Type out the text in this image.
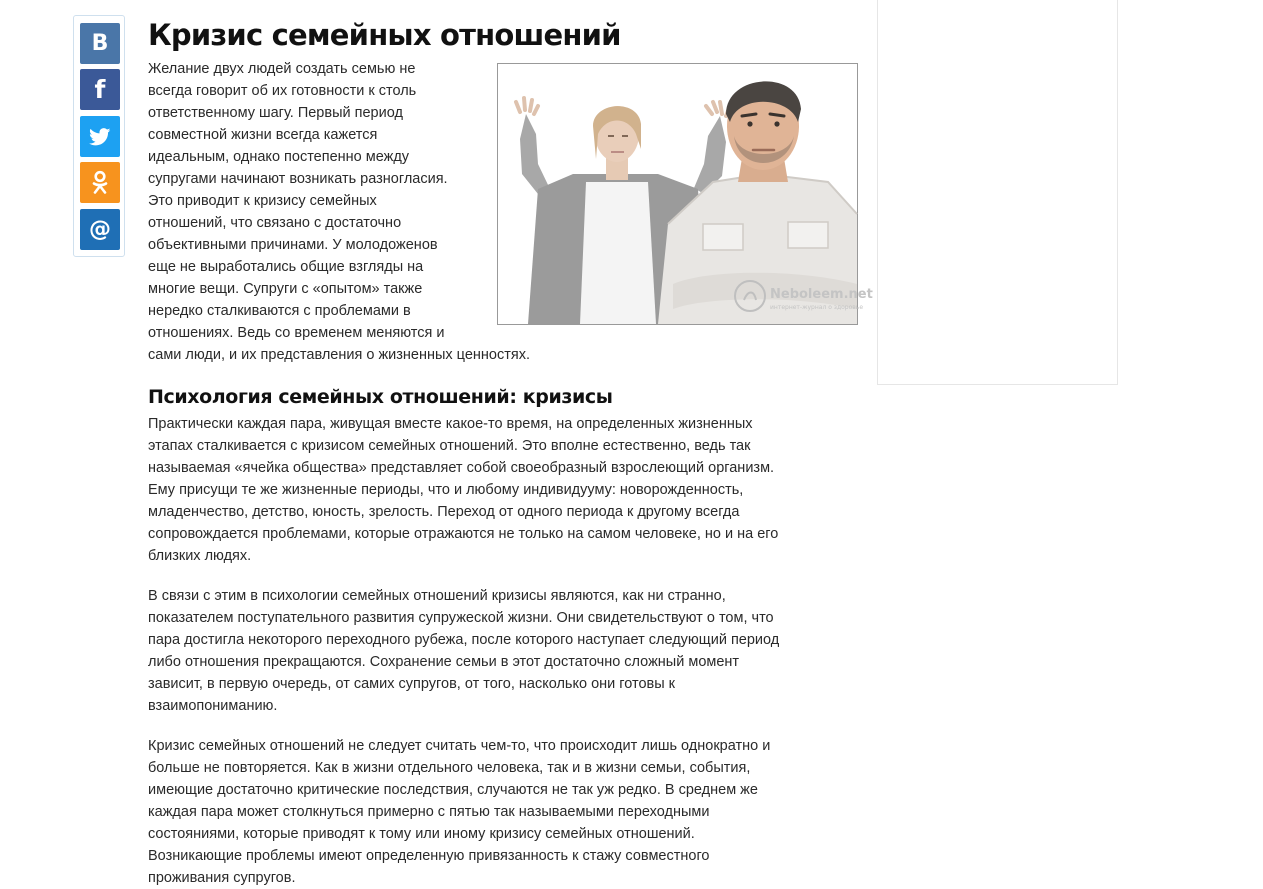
В
f
@
Кризис семейных отношений

Желание двух людей создать семью не
всегда говорит об их готовности к столь
ответственному шагу. Первый период
совместной жизни всегда кажется
идеальным, однако постепенно между
супругами начинают возникать разногласия.
Это приводит к кризису семейных
отношений, что связано с достаточно
объективными причинами. У молодоженов
еще не выработались общие взгляды на
многие вещи. Супруги с «опытом» также
нередко сталкиваются с проблемами в
отношениях. Ведь со временем меняются и
сами люди, и их представления о жизненных ценностях.

Neboleem.net
интернет-журнал о здоровье
Психология семейных отношений: кризисы

Практически каждая пара, живущая вместе какое-то время, на определенных жизненных
этапах сталкивается с кризисом семейных отношений. Это вполне естественно, ведь так
называемая «ячейка общества» представляет собой своеобразный взрослеющий организм.
Ему присущи те же жизненные периоды, что и любому индивидууму: новорожденность,
младенчество, детство, юность, зрелость. Переход от одного периода к другому всегда
сопровождается проблемами, которые отражаются не только на самом человеке, но и на его
близких людях.

В связи с этим в психологии семейных отношений кризисы являются, как ни странно,
показателем поступательного развития супружеской жизни. Они свидетельствуют о том, что
пара достигла некоторого переходного рубежа, после которого наступает следующий период
либо отношения прекращаются. Сохранение семьи в этот достаточно сложный момент
зависит, в первую очередь, от самих супругов, от того, насколько они готовы к
взаимопониманию.

Кризис семейных отношений не следует считать чем-то, что происходит лишь однократно и
больше не повторяется. Как в жизни отдельного человека, так и в жизни семьи, события,
имеющие достаточно критические последствия, случаются не так уж редко. В среднем же
каждая пара может столкнуться примерно с пятью так называемыми переходными
состояниями, которые приводят к тому или иному кризису семейных отношений.
Возникающие проблемы имеют определенную привязанность к стажу совместного
проживания супругов.
